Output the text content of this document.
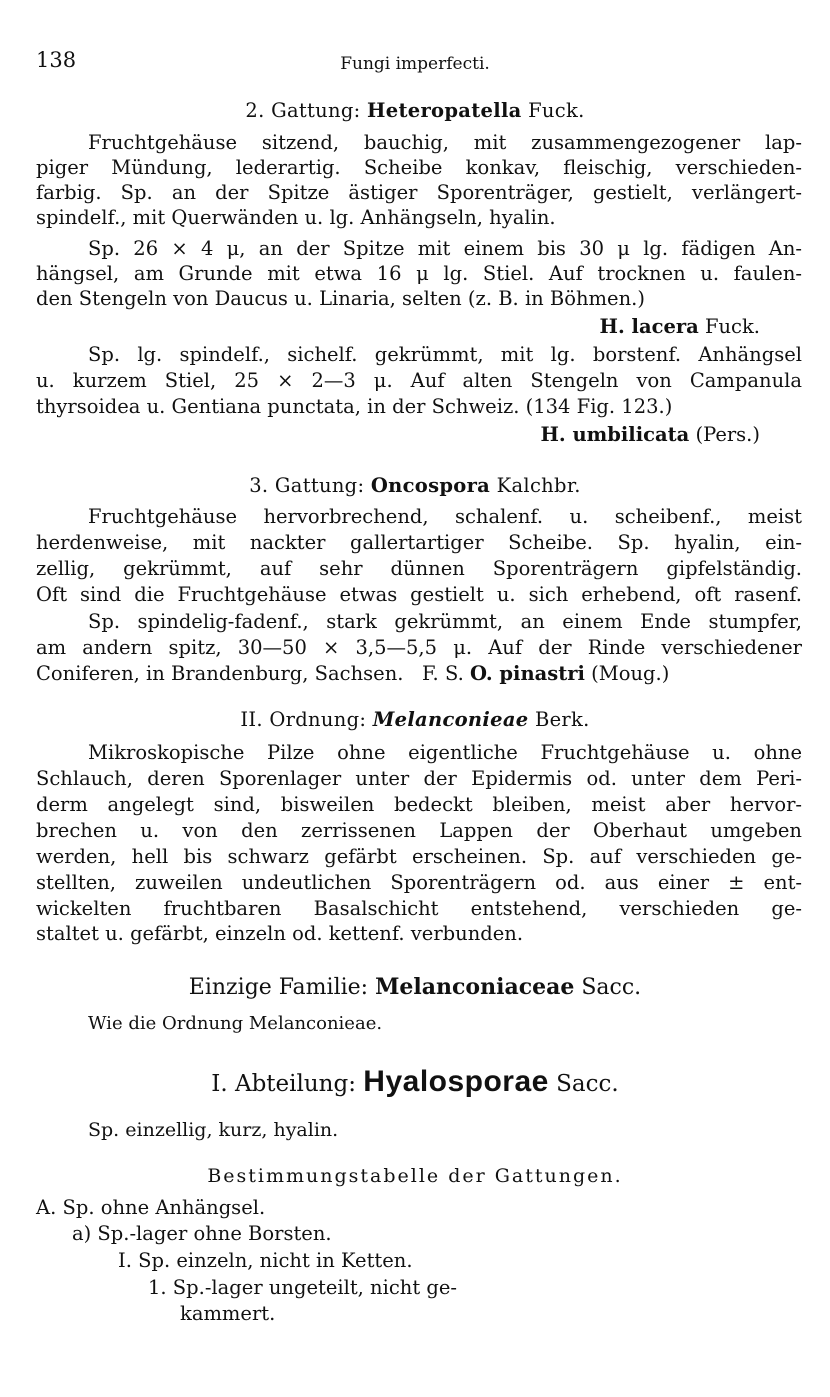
138	Fungi imperfecti.
2. Gattung: Heteropatella Fuck.
Fruchtgehäuse sitzend, bauchig, mit zusammengezogener lap-
piger Mündung, lederartig. Scheibe konkav, fleischig, verschieden-
farbig. Sp. an der Spitze ästiger Sporenträger, gestielt, verlängert-
spindelf., mit Querwänden u. lg. Anhängseln, hyalin.
Sp. 26 × 4 μ, an der Spitze mit einem bis 30 μ lg. fädigen An-
hängsel, am Grunde mit etwa 16 μ lg. Stiel. Auf trocknen u. faulen-
den Stengeln von Daucus u. Linaria, selten (z. B. in Böhmen.)
H. lacera Fuck.
Sp. lg. spindelf., sichelf. gekrümmt, mit lg. borstenf. Anhängsel
u. kurzem Stiel, 25 × 2—3 μ. Auf alten Stengeln von Campanula
thyrsoidea u. Gentiana punctata, in der Schweiz. (134 Fig. 123.)
H. umbilicata (Pers.)
3. Gattung: Oncospora Kalchbr.
Fruchtgehäuse hervorbrechend, schalenf. u. scheibenf., meist
herdenweise, mit nackter gallertartiger Scheibe. Sp. hyalin, ein-
zellig, gekrümmt, auf sehr dünnen Sporenträgern gipfelständig.
Oft sind die Fruchtgehäuse etwas gestielt u. sich erhebend, oft rasenf.
Sp. spindelig-fadenf., stark gekrümmt, an einem Ende stumpfer,
am andern spitz, 30—50 × 3,5—5,5 μ. Auf der Rinde verschiedener
Coniferen, in Brandenburg, Sachsen.   F. S. O. pinastri (Moug.)
II. Ordnung: Melanconieae Berk.
Mikroskopische Pilze ohne eigentliche Fruchtgehäuse u. ohne
Schlauch, deren Sporenlager unter der Epidermis od. unter dem Peri-
derm angelegt sind, bisweilen bedeckt bleiben, meist aber hervor-
brechen u. von den zerrissenen Lappen der Oberhaut umgeben
werden, hell bis schwarz gefärbt erscheinen. Sp. auf verschieden ge-
stellten, zuweilen undeutlichen Sporenträgern od. aus einer ± ent-
wickelten fruchtbaren Basalschicht entstehend, verschieden ge-
staltet u. gefärbt, einzeln od. kettenf. verbunden.
Einzige Familie: Melanconiaceae Sacc.
Wie die Ordnung Melanconieae.
I. Abteilung: Hyalosporae Sacc.
Sp. einzellig, kurz, hyalin.
Bestimmungstabelle der Gattungen.
A. Sp. ohne Anhängsel.
a) Sp.-lager ohne Borsten.
I. Sp. einzeln, nicht in Ketten.
1. Sp.-lager ungeteilt, nicht ge-
kammert.
